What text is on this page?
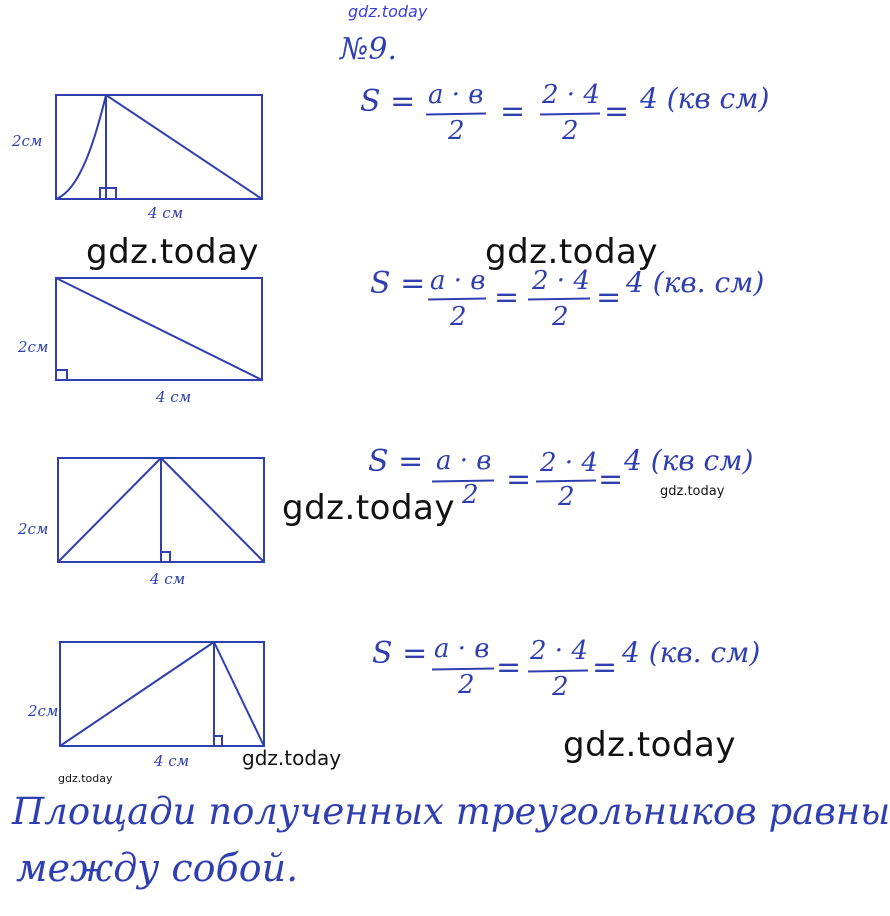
gdz.today
№9.
2см
4 см
S = a · в
2
= 2 · 4
2
= 4 (кв см)
gdz.today	gdz.today
2см
4 см
S = a · в
2
= 2 · 4
2
= 4 (кв. см)
2см
4 см
S = a · в
2 = 2 · 4
2 =
4 (кв см)
gdz.today	gdz.today
2см
4 см
S = a · в
2 = 2 · 4
2
= 4 (кв. см)
gdz.today
gdz.today
gdz.today
Площади полученных треугольников равны
между собой.
